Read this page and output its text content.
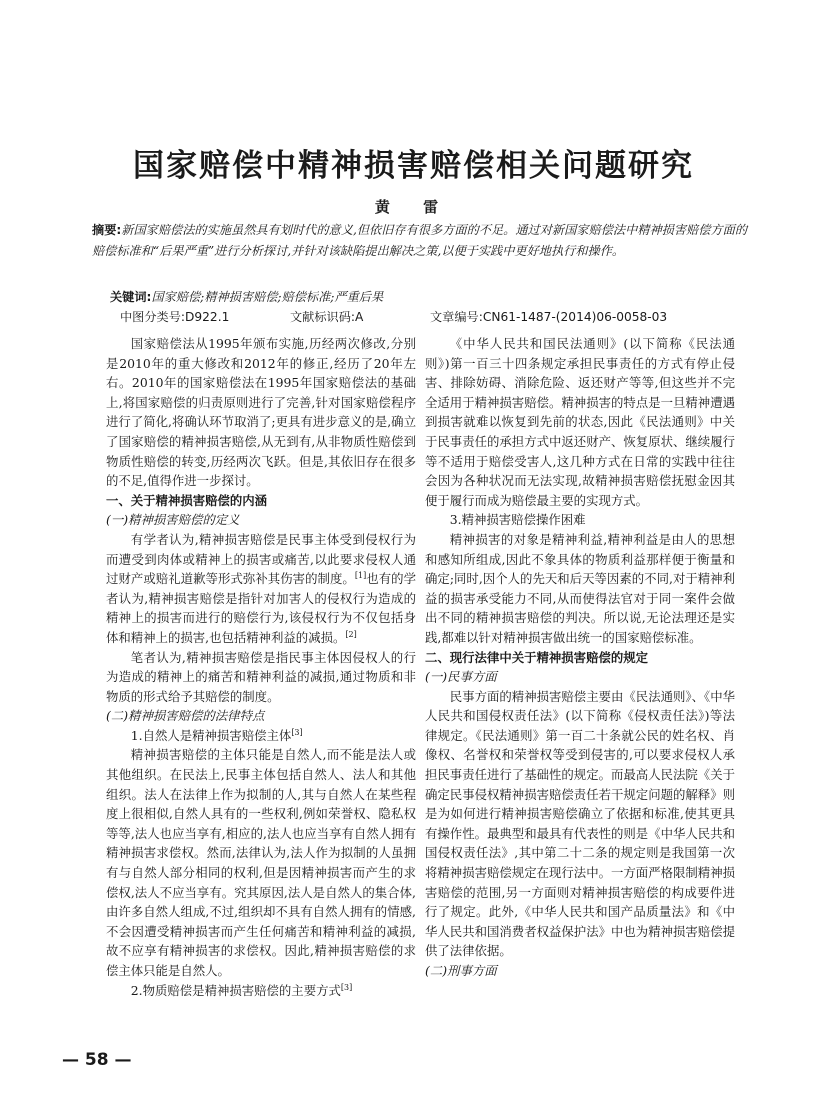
国家赔偿中精神损害赔偿相关问题研究
黄 雷
摘要:新国家赔偿法的实施虽然具有划时代的意义,但依旧存有很多方面的不足。通过对新国家赔偿法中精神损害赔偿方面的赔偿标准和“后果严重”进行分析探讨,并针对该缺陷提出解决之策,以便于实践中更好地执行和操作。
关键词:国家赔偿;精神损害赔偿;赔偿标准;严重后果
中图分类号:D922.1	文献标识码:A	文章编号:CN61-1487-(2014)06-0058-03

国家赔偿法从1995年颁布实施,历经两次修改,分别是2010年的重大修改和2012年的修正,经历了20年左右。2010年的国家赔偿法在1995年国家赔偿法的基础上,将国家赔偿的归责原则进行了完善,针对国家赔偿程序进行了简化,将确认环节取消了;更具有进步意义的是,确立了国家赔偿的精神损害赔偿,从无到有,从非物质性赔偿到物质性赔偿的转变,历经两次飞跃。但是,其依旧存在很多的不足,值得作进一步探讨。

一、关于精神损害赔偿的内涵

(一)精神损害赔偿的定义

有学者认为,精神损害赔偿是民事主体受到侵权行为而遭受到肉体或精神上的损害或痛苦,以此要求侵权人通过财产或赔礼道歉等形式弥补其伤害的制度。[1]也有的学者认为,精神损害赔偿是指针对加害人的侵权行为造成的精神上的损害而进行的赔偿行为,该侵权行为不仅包括身体和精神上的损害,也包括精神利益的减损。[2]

笔者认为,精神损害赔偿是指民事主体因侵权人的行为造成的精神上的痛苦和精神利益的减损,通过物质和非物质的形式给予其赔偿的制度。

(二)精神损害赔偿的法律特点

1.自然人是精神损害赔偿主体[3]

精神损害赔偿的主体只能是自然人,而不能是法人或其他组织。在民法上,民事主体包括自然人、法人和其他组织。法人在法律上作为拟制的人,其与自然人在某些程度上很相似,自然人具有的一些权利,例如荣誉权、隐私权等等,法人也应当享有,相应的,法人也应当享有自然人拥有精神损害求偿权。然而,法律认为,法人作为拟制的人虽拥有与自然人部分相同的权利,但是因精神损害而产生的求偿权,法人不应当享有。究其原因,法人是自然人的集合体,由许多自然人组成,不过,组织却不具有自然人拥有的情感,不会因遭受精神损害而产生任何痛苦和精神利益的减损,故不应享有精神损害的求偿权。因此,精神损害赔偿的求偿主体只能是自然人。

2.物质赔偿是精神损害赔偿的主要方式[3]

《中华人民共和国民法通则》(以下简称《民法通则》)第一百三十四条规定承担民事责任的方式有停止侵害、排除妨碍、消除危险、返还财产等等,但这些并不完全适用于精神损害赔偿。精神损害的特点是一旦精神遭遇到损害就难以恢复到先前的状态,因此《民法通则》中关于民事责任的承担方式中返还财产、恢复原状、继续履行等不适用于赔偿受害人,这几种方式在日常的实践中往往会因为各种状况而无法实现,故精神损害赔偿抚慰金因其便于履行而成为赔偿最主要的实现方式。

3.精神损害赔偿操作困难

精神损害的对象是精神利益,精神利益是由人的思想和感知所组成,因此不象具体的物质利益那样便于衡量和确定;同时,因个人的先天和后天等因素的不同,对于精神利益的损害承受能力不同,从而使得法官对于同一案件会做出不同的精神损害赔偿的判决。所以说,无论法理还是实践,都难以针对精神损害做出统一的国家赔偿标准。

二、现行法律中关于精神损害赔偿的规定

(一)民事方面

民事方面的精神损害赔偿主要由《民法通则》、《中华人民共和国侵权责任法》(以下简称《侵权责任法》)等法律规定。《民法通则》第一百二十条就公民的姓名权、肖像权、名誉权和荣誉权等受到侵害的,可以要求侵权人承担民事责任进行了基础性的规定。而最高人民法院《关于确定民事侵权精神损害赔偿责任若干规定问题的解释》则是为如何进行精神损害赔偿确立了依据和标准,使其更具有操作性。最典型和最具有代表性的则是《中华人民共和国侵权责任法》,其中第二十二条的规定则是我国第一次将精神损害赔偿规定在现行法中。一方面严格限制精神损害赔偿的范围,另一方面则对精神损害赔偿的构成要件进行了规定。此外,《中华人民共和国产品质量法》和《中华人民共和国消费者权益保护法》中也为精神损害赔偿提供了法律依据。

(二)刑事方面

— 58 —
